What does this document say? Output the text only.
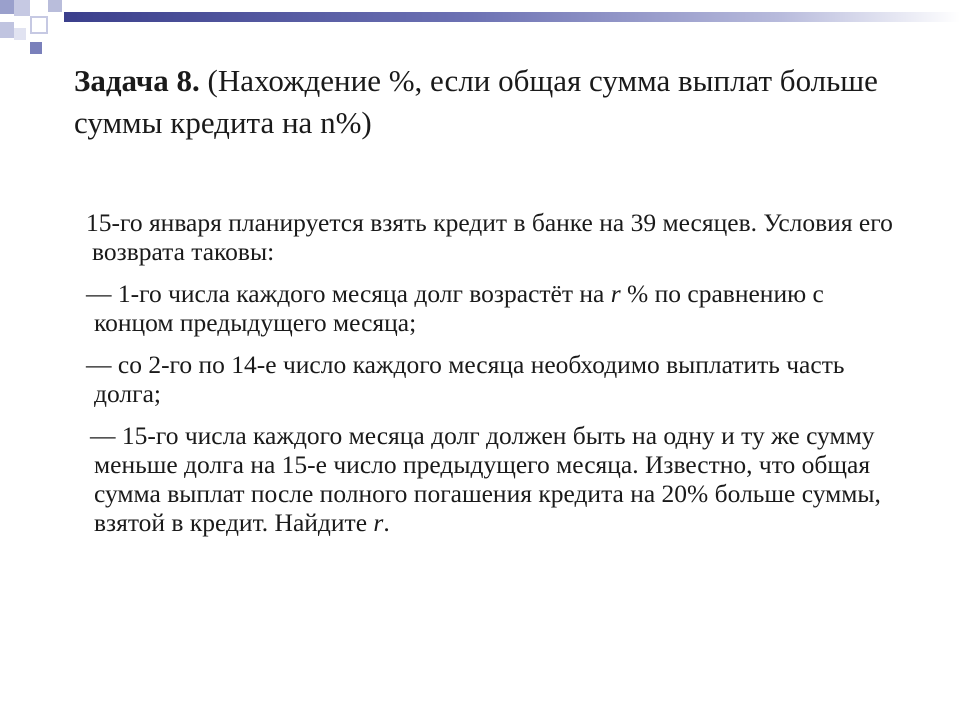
Задача 8. (Нахождение %, если общая сумма выплат больше суммы кредита на n%)

15-го января планируется взять кредит в банке на 39 месяцев. Условия его возврата таковы:

— 1-го числа каждого месяца долг возрастёт на r % по сравнению с концом предыдущего месяца;

— со 2-го по 14-е число каждого месяца необходимо выплатить часть долга;

— 15-го числа каждого месяца долг должен быть на одну и ту же сумму меньше долга на 15-е число предыдущего месяца. Известно, что общая сумма выплат после полного погашения кредита на 20% больше суммы, взятой в кредит. Найдите r.
